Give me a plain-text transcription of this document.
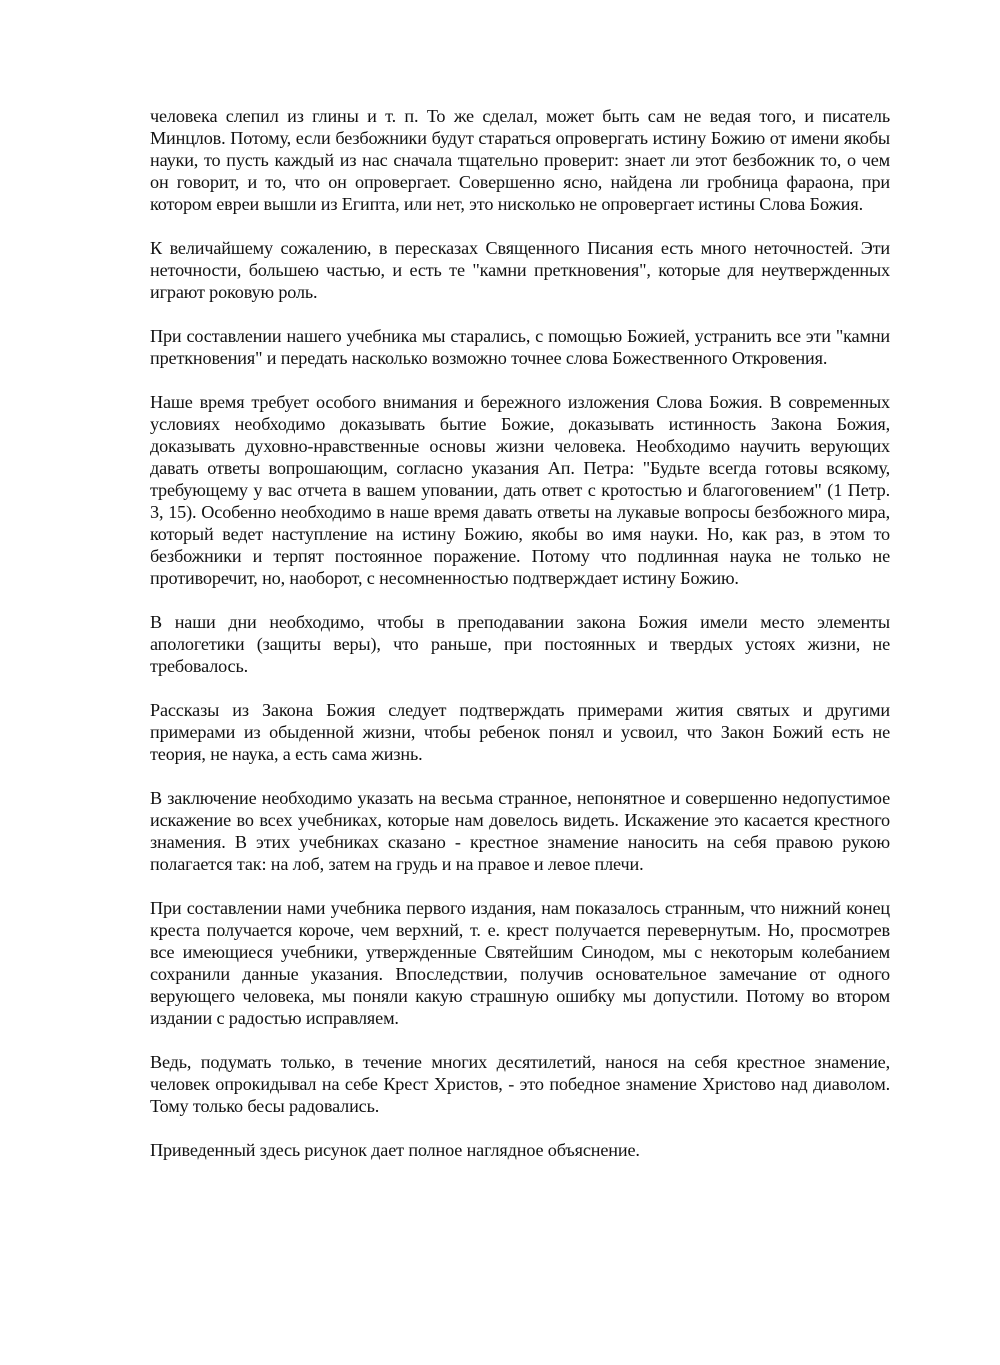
человека слепил из глины и т. п. То же сделал, может быть сам не ведая того, и писатель Минцлов. Потому, если безбожники будут стараться опровергать истину Божию от имени якобы науки, то пусть каждый из нас сначала тщательно проверит: знает ли этот безбожник то, о чем он говорит, и то, что он опровергает. Совершенно ясно, найдена ли гробница фараона, при котором евреи вышли из Египта, или нет, это нисколько не опровергает истины Слова Божия.

К величайшему сожалению, в пересказах Священного Писания есть много неточностей. Эти неточности, большею частью, и есть те "камни преткновения", которые для неутвержденных играют роковую роль.

При составлении нашего учебника мы старались, с помощью Божией, устранить все эти "камни преткновения" и передать насколько возможно точнее слова Божественного Откровения.

Наше время требует особого внимания и бережного изложения Слова Божия. В современных условиях необходимо доказывать бытие Божие, доказывать истинность Закона Божия, доказывать духовно-нравственные основы жизни человека. Необходимо научить верующих давать ответы вопрошающим, согласно указания Ап. Петра: "Будьте всегда готовы всякому, требующему у вас отчета в вашем уповании, дать ответ с кротостью и благоговением" (1 Петр. 3, 15). Особенно необходимо в наше время давать ответы на лукавые вопросы безбожного мира, который ведет наступление на истину Божию, якобы во имя науки. Но, как раз, в этом то безбожники и терпят постоянное поражение. Потому что подлинная наука не только не противоречит, но, наоборот, с несомненностью подтверждает истину Божию.

В наши дни необходимо, чтобы в преподавании закона Божия имели место элементы апологетики (защиты веры), что раньше, при постоянных и твердых устоях жизни, не требовалось.

Рассказы из Закона Божия следует подтверждать примерами жития святых и другими примерами из обыденной жизни, чтобы ребенок понял и усвоил, что Закон Божий есть не теория, не наука, а есть сама жизнь.

В заключение необходимо указать на весьма странное, непонятное и совершенно недопустимое искажение во всех учебниках, которые нам довелось видеть. Искажение это касается крестного знамения. В этих учебниках сказано - крестное знамение наносить на себя правою рукою полагается так: на лоб, затем на грудь и на правое и левое плечи.

При составлении нами учебника первого издания, нам показалось странным, что нижний конец креста получается короче, чем верхний, т. е. крест получается перевернутым. Но, просмотрев все имеющиеся учебники, утвержденные Святейшим Синодом, мы с некоторым колебанием сохранили данные указания. Впоследствии, получив основательное замечание от одного верующего человека, мы поняли какую страшную ошибку мы допустили. Потому во втором издании с радостью исправляем.

Ведь, подумать только, в течение многих десятилетий, нанося на себя крестное знамение, человек опрокидывал на себе Крест Христов, - это победное знамение Христово над диаволом. Тому только бесы радовались.

Приведенный здесь рисунок дает полное наглядное объяснение.
